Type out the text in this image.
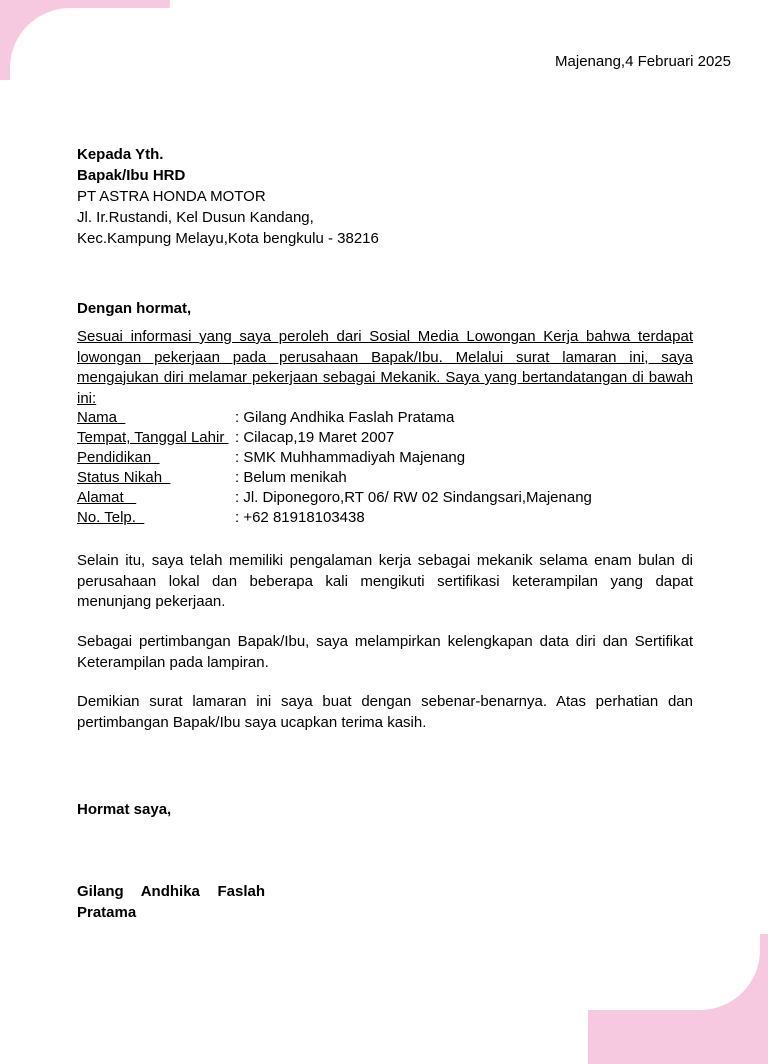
Majenang,4 Februari 2025
Kepada Yth.
Bapak/Ibu HRD
PT ASTRA HONDA MOTOR
Jl. Ir.Rustandi, Kel Dusun Kandang,
Kec.Kampung Melayu,Kota bengkulu - 38216
Dengan hormat,
Sesuai informasi yang saya peroleh dari Sosial Media Lowongan Kerja bahwa terdapat lowongan pekerjaan pada perusahaan Bapak/Ibu. Melalui surat lamaran ini, saya mengajukan diri melamar pekerjaan sebagai Mekanik. Saya yang bertandatangan di bawah ini:
Nama	: Gilang Andhika Faslah Pratama
Tempat, Tanggal Lahir : Cilacap,19 Maret 2007
Pendidikan	: SMK Muhhammadiyah Majenang
Status Nikah	: Belum menikah
Alamat	: Jl. Diponegoro,RT 06/ RW 02 Sindangsari,Majenang
No. Telp.	: +62 81918103438
Selain itu, saya telah memiliki pengalaman kerja sebagai mekanik selama enam bulan di perusahaan lokal dan beberapa kali mengikuti sertifikasi keterampilan yang dapat menunjang pekerjaan.
Sebagai pertimbangan Bapak/Ibu, saya melampirkan kelengkapan data diri dan Sertifikat Keterampilan pada lampiran.
Demikian surat lamaran ini saya buat dengan sebenar-benarnya. Atas perhatian dan pertimbangan Bapak/Ibu saya ucapkan terima kasih.
Hormat saya,
Gilang Andhika Faslah Pratama
